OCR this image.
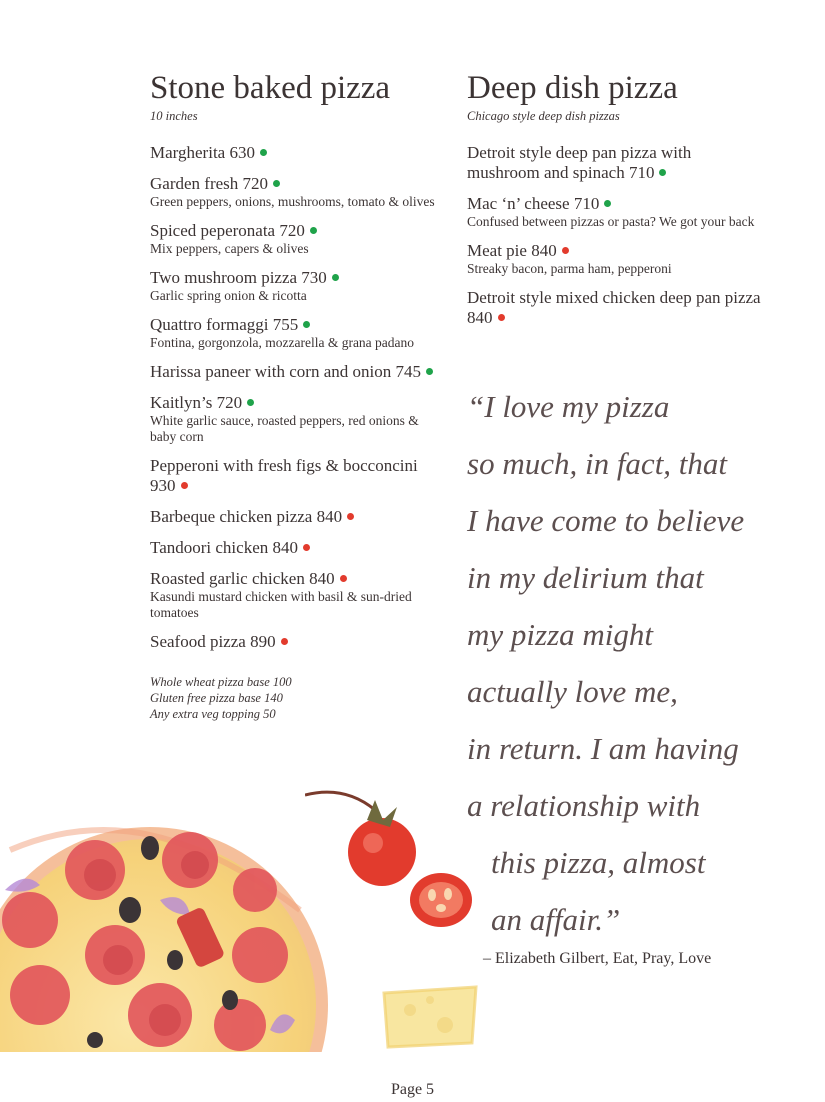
Stone baked pizza
10 inches
Margherita 630
Garden fresh 720
Green peppers, onions, mushrooms, tomato & olives
Spiced peperonata 720
Mix peppers, capers & olives
Two mushroom pizza 730
Garlic spring onion & ricotta
Quattro formaggi 755
Fontina, gorgonzola, mozzarella & grana padano
Harissa paneer with corn and onion 745
Kaitlyn’s 720
White garlic sauce, roasted peppers, red onions & baby corn
Pepperoni with fresh figs & bocconcini 930
Barbeque chicken pizza 840
Tandoori chicken 840
Roasted garlic chicken 840
Kasundi mustard chicken with basil & sun-dried tomatoes
Seafood pizza 890
Whole wheat pizza base 100
Gluten free pizza base 140
Any extra veg topping 50
Deep dish pizza
Chicago style deep dish pizzas
Detroit style deep pan pizza with mushroom and spinach 710
Mac ‘n’ cheese 710
Confused between pizzas or pasta? We got your back
Meat pie 840
Streaky bacon, parma ham, pepperoni
Detroit style mixed chicken deep pan pizza 840
“I love my pizza
so much, in fact, that
I have come to believe
in my delirium that
my pizza might
actually love me,
in return. I am having
a relationship with
this pizza, almost
an affair.”
– Elizabeth Gilbert, Eat, Pray, Love
Page 5
